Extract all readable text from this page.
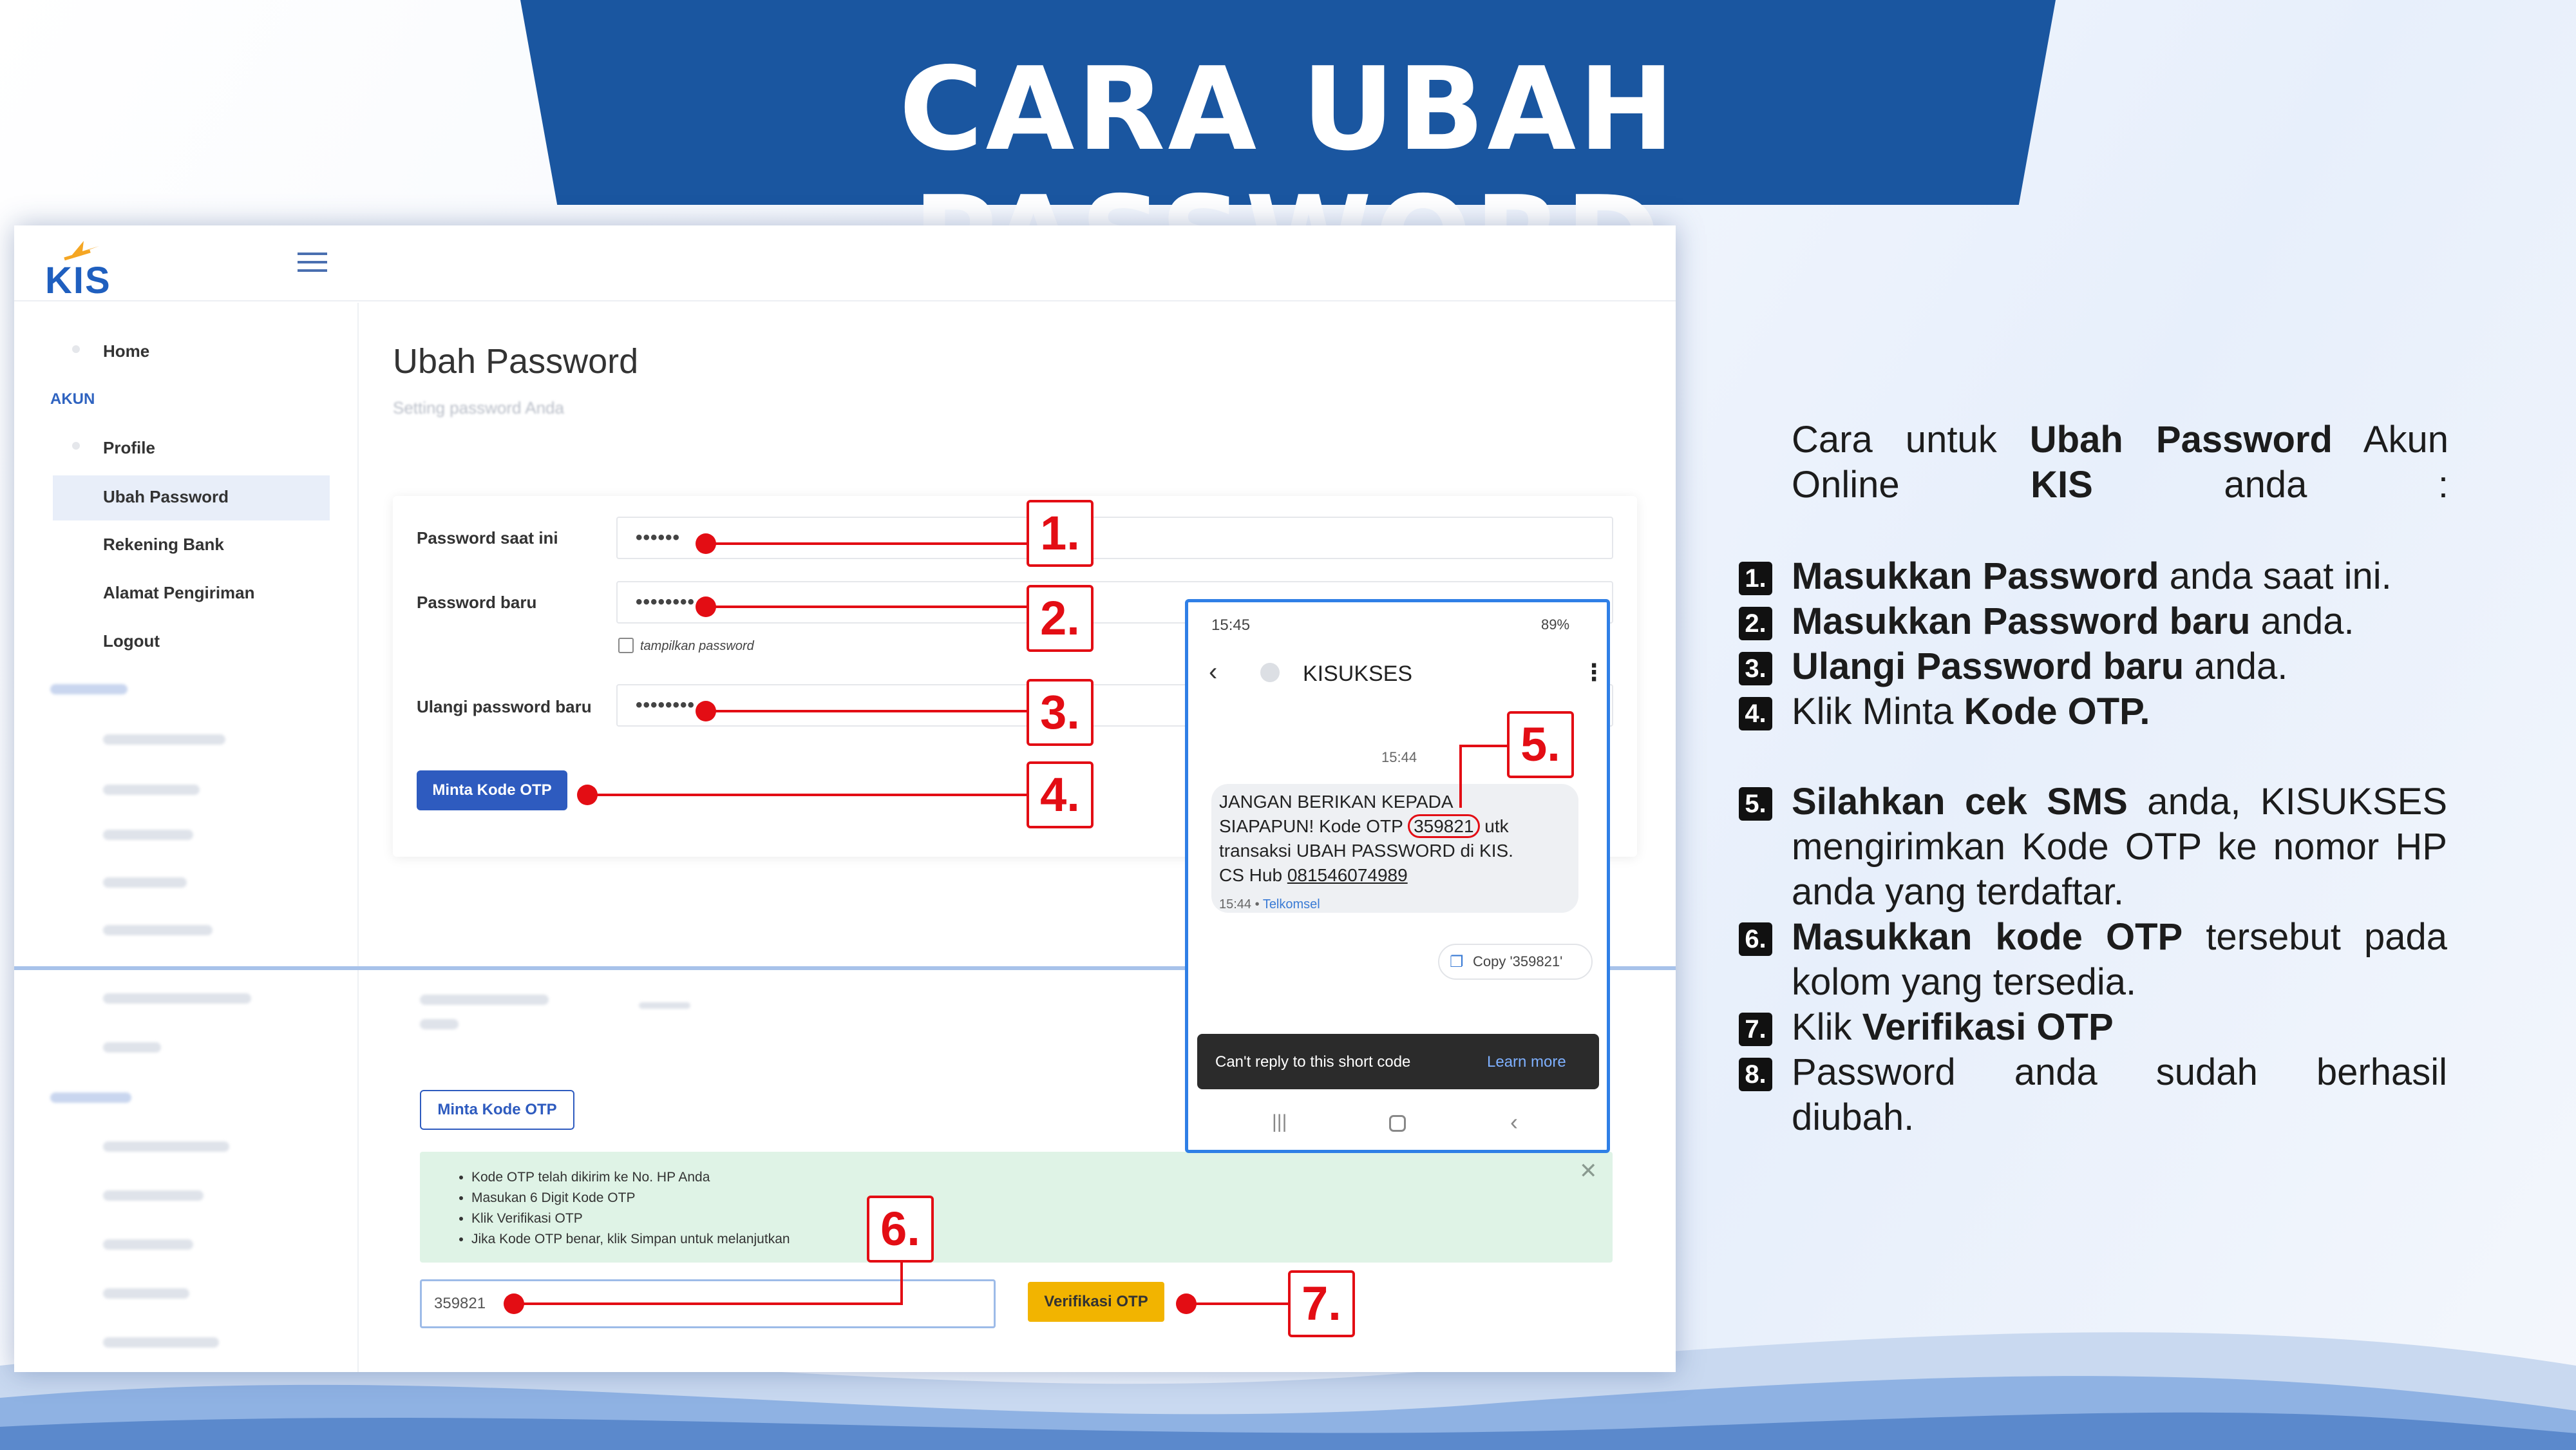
CARA UBAH
KIS
Home
AKUN
Profile
Ubah Password
Rekening Bank
Alamat Pengiriman
Logout
Ubah Password
Setting password Anda
Password saat ini	••••••
Password baru	••••••••
tampilkan password
Ulangi password baru ••••••••
Minta Kode OTP
Minta Kode OTP
• Kode OTP telah dikirim ke No. HP Anda
• Masukan 6 Digit Kode OTP
• Klik Verifikasi OTP
• Jika Kode OTP benar, klik Simpan untuk melanjutkan
✕
359821	Verifikasi OTP
15:45	89%
‹	KISUKSES	⋮
15:44
JANGAN BERIKAN KEPADA
SIAPAPUN! Kode OTP 359821 utk
transaksi UBAH PASSWORD di KIS.
CS Hub 081546074989
15:44 • Telkomsel
❐ Copy '359821'
Can't reply to this short code	Learn more
|||	‹
1.
2.
3.
4.
5.
6.
7.
Cara untuk Ubah Password Akun Online KIS anda :
1. Masukkan Password anda saat ini.
2. Masukkan Password baru anda.
3. Ulangi Password baru anda.
4. Klik Minta Kode OTP.
5. Silahkan cek SMS anda, KISUKSES mengirimkan Kode OTP ke nomor HP anda yang terdaftar.
6. Masukkan kode OTP tersebut pada kolom yang tersedia.
7. Klik Verifikasi OTP
8. Password anda sudah berhasil diubah.
